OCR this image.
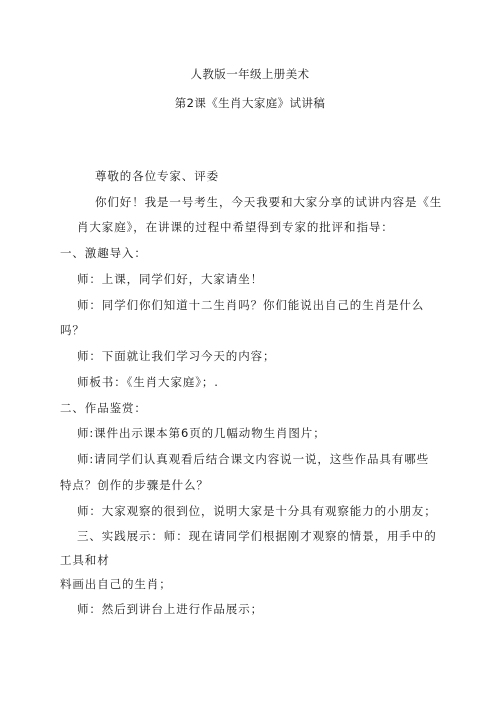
人教版一年级上册美术
第2课《生肖大家庭》试讲稿
尊敬的各位专家、评委
你们好！我是一号考生，今天我要和大家分享的试讲内容是《生
肖大家庭》，在讲课的过程中希望得到专家的批评和指导：
一、激趣导入：
师：上课，同学们好，大家请坐！
师：同学们你们知道十二生肖吗？你们能说出自己的生肖是什么
吗？
师：下面就让我们学习今天的内容；
师板书：《生肖大家庭》；.
二、作品鉴赏：
师:课件出示课本第6页的几幅动物生肖图片；
师:请同学们认真观看后结合课文内容说一说，这些作品具有哪些
特点？创作的步骤是什么？
师：大家观察的很到位，说明大家是十分具有观察能力的小朋友；
三、实践展示：师：现在请同学们根据刚才观察的情景，用手中的
工具和材
料画出自己的生肖；
师：然后到讲台上进行作品展示；
